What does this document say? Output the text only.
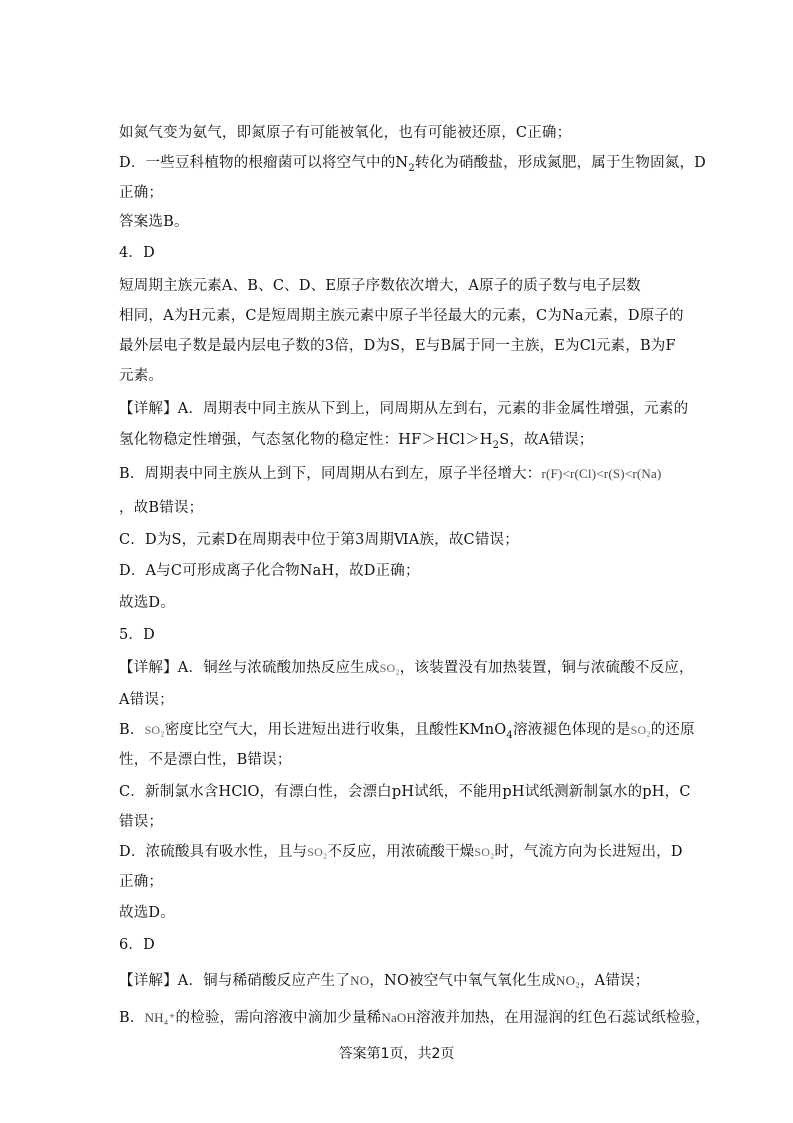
如氮气变为氨气，即氮原子有可能被氧化，也有可能被还原，C正确；
D．一些豆科植物的根瘤菌可以将空气中的$N_2$转化为硝酸盐，形成氮肥，属于生物固氮，D
正确；
答案选B。
4．D
短周期主族元素A、B、C、D、E原子序数依次增大，A原子的质子数与电子层数
相同，A为H元素，C是短周期主族元素中原子半径最大的元素，C为Na元素，D原子的
最外层电子数是最内层电子数的3倍，D为S，E与B属于同一主族，E为Cl元素，B为F
元素。
【详解】A．周期表中同主族从下到上，同周期从左到右，元素的非金属性增强，元素的
氢化物稳定性增强，气态氢化物的稳定性：$HF>HCl>H_2S$，故A错误；
B．周期表中同主族从上到下，同周期从右到左，原子半径增大：r(F)<r(Cl)<r(S)<r(Na)
，故B错误；
C．D为S，元素D在周期表中位于第3周期ⅥA族，故C错误；
D．A与C可形成离子化合物NaH，故D正确；
故选D。
5．D
【详解】A．铜丝与浓硫酸加热反应生成SO₂，该装置没有加热装置，铜与浓硫酸不反应，
A错误；
B．SO₂密度比空气大，用长进短出进行收集，且酸性KMnO$_4$溶液褪色体现的是SO₂的还原
性，不是漂白性，B错误；
C．新制氯水含HClO，有漂白性，会漂白pH试纸，不能用pH试纸测新制氯水的pH，C
错误；
D．浓硫酸具有吸水性，且与SO₂不反应，用浓硫酸干燥SO₂时，气流方向为长进短出，D
正确；
故选D。
6．D
【详解】A．铜与稀硝酸反应产生了NO，NO被空气中氧气氧化生成NO₂，A错误；
B．NH₄⁺的检验，需向溶液中滴加少量稀NaOH溶液并加热，在用湿润的红色石蕊试纸检验，
答案第1页，共2页
